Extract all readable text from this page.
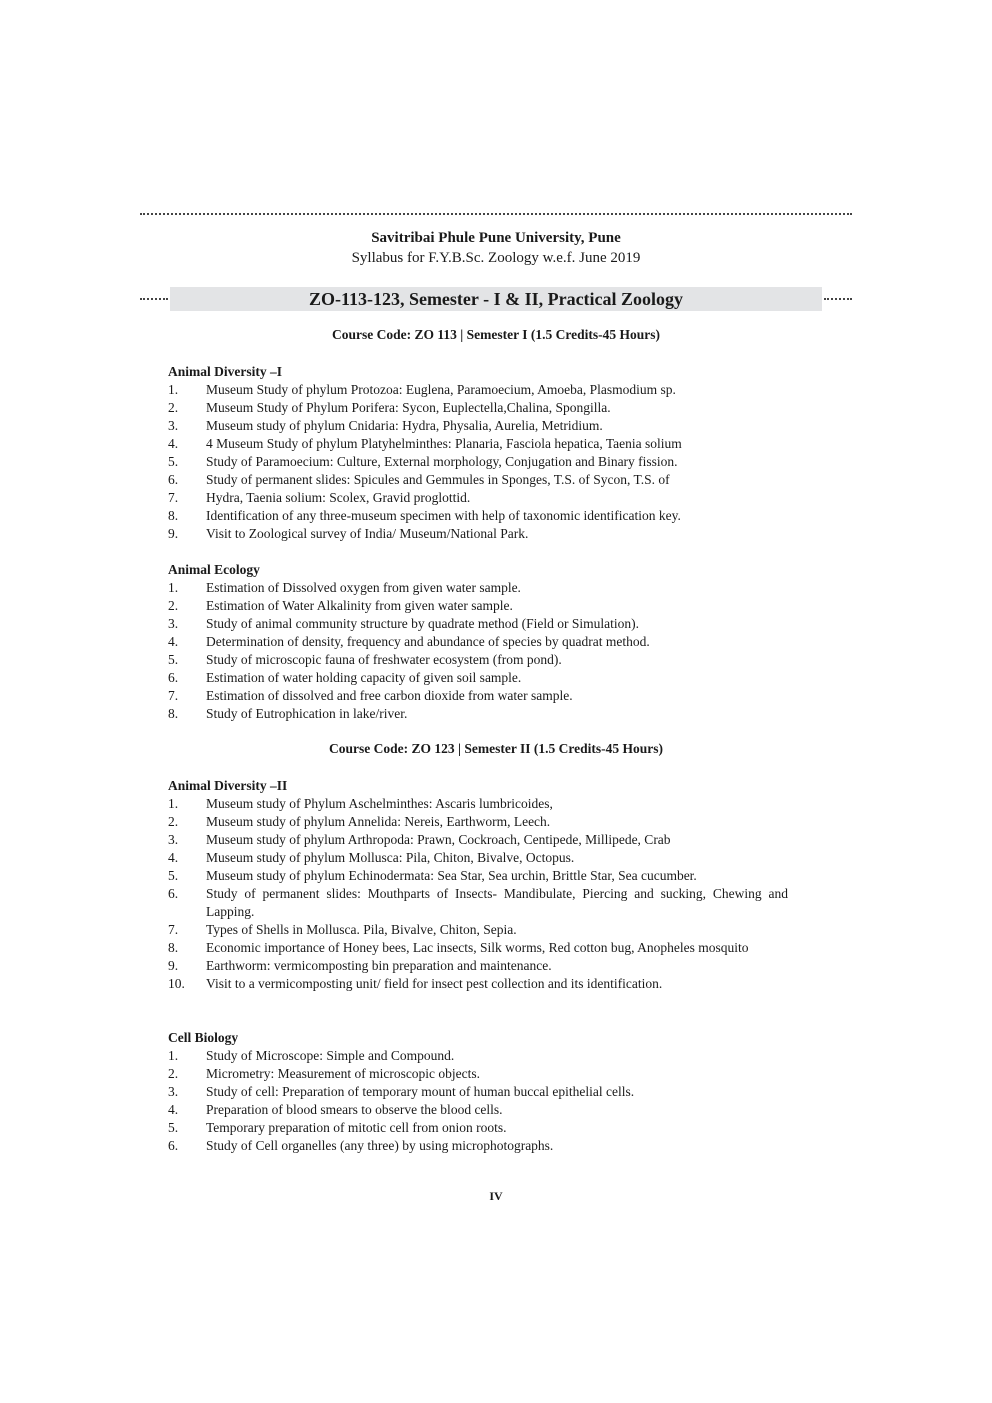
Savitribai Phule Pune University, Pune
Syllabus for F.Y.B.Sc. Zoology w.e.f. June 2019
ZO-113-123, Semester - I & II, Practical Zoology
Course Code: ZO 113 | Semester I (1.5 Credits-45 Hours)
Animal Diversity –I
1. Museum Study of phylum Protozoa: Euglena, Paramoecium, Amoeba, Plasmodium sp.
2. Museum Study of Phylum Porifera: Sycon, Euplectella,Chalina, Spongilla.
3. Museum study of phylum Cnidaria: Hydra, Physalia, Aurelia, Metridium.
4. 4 Museum Study of phylum Platyhelminthes: Planaria, Fasciola hepatica, Taenia solium
5. Study of Paramoecium: Culture, External morphology, Conjugation and Binary fission.
6. Study of permanent slides: Spicules and Gemmules in Sponges, T.S. of Sycon, T.S. of
7. Hydra, Taenia solium: Scolex, Gravid proglottid.
8. Identification of any three-museum specimen with help of taxonomic identification key.
9. Visit to Zoological survey of India/ Museum/National Park.
Animal Ecology
1. Estimation of Dissolved oxygen from given water sample.
2. Estimation of Water Alkalinity from given water sample.
3. Study of animal community structure by quadrate method (Field or Simulation).
4. Determination of density, frequency and abundance of species by quadrat method.
5. Study of microscopic fauna of freshwater ecosystem (from pond).
6. Estimation of water holding capacity of given soil sample.
7. Estimation of dissolved and free carbon dioxide from water sample.
8. Study of Eutrophication in lake/river.
Course Code: ZO 123 | Semester II (1.5 Credits-45 Hours)
Animal Diversity –II
1. Museum study of Phylum Aschelminthes: Ascaris lumbricoides,
2. Museum study of phylum Annelida: Nereis, Earthworm, Leech.
3. Museum study of phylum Arthropoda: Prawn, Cockroach, Centipede, Millipede, Crab
4. Museum study of phylum Mollusca: Pila, Chiton, Bivalve, Octopus.
5. Museum study of phylum Echinodermata: Sea Star, Sea urchin, Brittle Star, Sea cucumber.
6. Study of permanent slides: Mouthparts of Insects- Mandibulate, Piercing and sucking, Chewing and Lapping.
7. Types of Shells in Mollusca. Pila, Bivalve, Chiton, Sepia.
8. Economic importance of Honey bees, Lac insects, Silk worms, Red cotton bug, Anopheles mosquito
9. Earthworm: vermicomposting bin preparation and maintenance.
10. Visit to a vermicomposting unit/ field for insect pest collection and its identification.
Cell Biology
1. Study of Microscope: Simple and Compound.
2. Micrometry: Measurement of microscopic objects.
3. Study of cell: Preparation of temporary mount of human buccal epithelial cells.
4. Preparation of blood smears to observe the blood cells.
5. Temporary preparation of mitotic cell from onion roots.
6. Study of Cell organelles (any three) by using microphotographs.
IV
